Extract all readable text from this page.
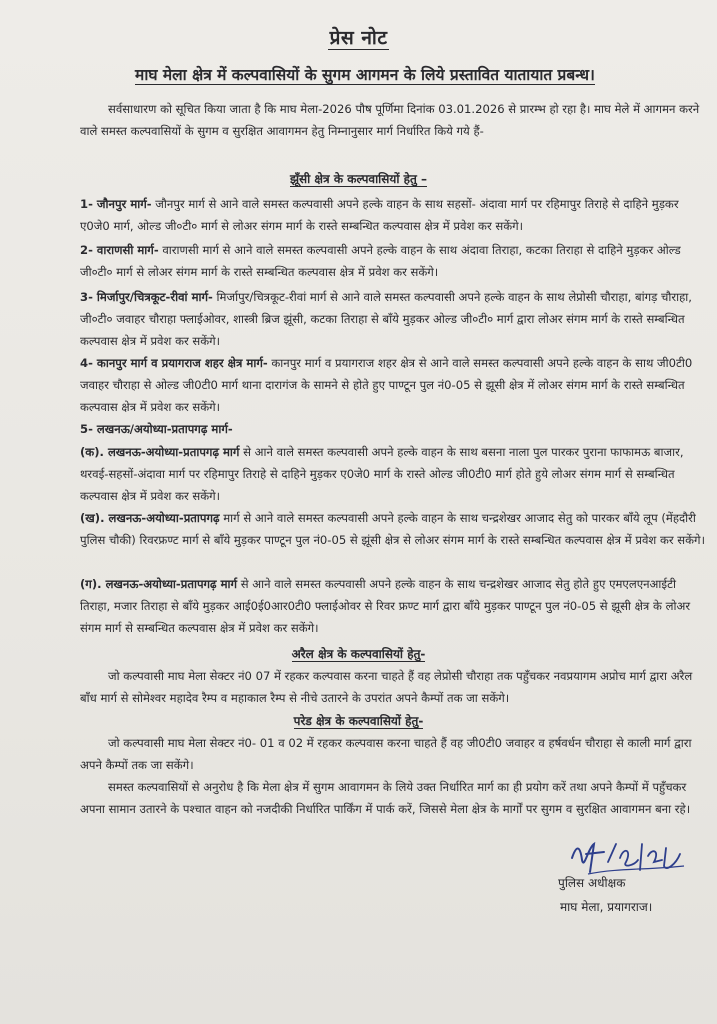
प्रेस नोट
माघ मेला क्षेत्र में कल्पवासियों के सुगम आगमन के लिये प्रस्तावित यातायात प्रबन्ध।
सर्वसाधारण को सूचित किया जाता है कि माघ मेला-2026 पौष पूर्णिमा दिनांक 03.01.2026 से प्रारम्भ हो रहा है। माघ मेले में आगमन करने वाले समस्त कल्पवासियों के सुगम व सुरक्षित आवागमन हेतु निम्नानुसार मार्ग निर्धारित किये गये हैं-
झूँसी क्षेत्र के कल्पवासियों हेतु –
1- जौनपुर मार्ग- जौनपुर मार्ग से आने वाले समस्त कल्पवासी अपने हल्के वाहन के साथ सहसों- अंदावा मार्ग पर रहिमापुर तिराहे से दाहिने मुड़कर ए0जे0 मार्ग, ओल्ड जी०टी० मार्ग से लोअर संगम मार्ग के रास्ते सम्बन्धित कल्पवास क्षेत्र में प्रवेश कर सकेंगे।
2- वाराणसी मार्ग- वाराणसी मार्ग से आने वाले समस्त कल्पवासी अपने हल्के वाहन के साथ अंदावा तिराहा, कटका तिराहा से दाहिने मुड़कर ओल्ड जी०टी० मार्ग से लोअर संगम मार्ग के रास्ते सम्बन्धित कल्पवास क्षेत्र में प्रवेश कर सकेंगे।
3- मिर्जापुर/चित्रकूट-रीवां मार्ग- मिर्जापुर/चित्रकूट-रीवां मार्ग से आने वाले समस्त कल्पवासी अपने हल्के वाहन के साथ लेप्रोसी चौराहा, बांगड़ चौराहा, जी०टी० जवाहर चौराहा फ्लाईओवर, शास्त्री ब्रिज झूंसी, कटका तिराहा से बाँये मुड़कर ओल्ड जी०टी० मार्ग द्वारा लोअर संगम मार्ग के रास्ते सम्बन्धित कल्पवास क्षेत्र में प्रवेश कर सकेंगे।
4- कानपुर मार्ग व प्रयागराज शहर क्षेत्र मार्ग- कानपुर मार्ग व प्रयागराज शहर क्षेत्र से आने वाले समस्त कल्पवासी अपने हल्के वाहन के साथ जी0टी0 जवाहर चौराहा से ओल्ड जी0टी0 मार्ग थाना दारागंज के सामने से होते हुए पाण्टून पुल नं0-05 से झूसी क्षेत्र में लोअर संगम मार्ग के रास्ते सम्बन्धित कल्पवास क्षेत्र में प्रवेश कर सकेंगे।
5- लखनऊ/अयोध्या-प्रतापगढ़ मार्ग-
(क). लखनऊ-अयोध्या-प्रतापगढ़ मार्ग से आने वाले समस्त कल्पवासी अपने हल्के वाहन के साथ बसना नाला पुल पारकर पुराना फाफामऊ बाजार, थरवई-सहसों-अंदावा मार्ग पर रहिमापुर तिराहे से दाहिने मुड़कर ए0जे0 मार्ग के रास्ते ओल्ड जी0टी0 मार्ग होते हुये लोअर संगम मार्ग से सम्बन्धित कल्पवास क्षेत्र में प्रवेश कर सकेंगे।
(ख). लखनऊ-अयोध्या-प्रतापगढ़ मार्ग से आने वाले समस्त कल्पवासी अपने हल्के वाहन के साथ चन्द्रशेखर आजाद सेतु को पारकर बाँये लूप (मेंहदौरी पुलिस चौकी) रिवरफ्रण्ट मार्ग से बाँये मुड़कर पाण्टून पुल नं0-05 से झूंसी क्षेत्र से लोअर संगम मार्ग के रास्ते सम्बन्धित कल्पवास क्षेत्र में प्रवेश कर सकेंगे।
(ग). लखनऊ-अयोध्या-प्रतापगढ़ मार्ग से आने वाले समस्त कल्पवासी अपने हल्के वाहन के साथ चन्द्रशेखर आजाद सेतु होते हुए एमएलएनआईटी तिराहा, मजार तिराहा से बाँये मुड़कर आई0ई0आर0टी0 फ्लाईओवर से रिवर फ्रण्ट मार्ग द्वारा बाँये मुड़कर पाण्टून पुल नं0-05 से झूसी क्षेत्र के लोअर संगम मार्ग से सम्बन्धित कल्पवास क्षेत्र में प्रवेश कर सकेंगे।
अरैल क्षेत्र के कल्पवासियों हेतु-
जो कल्पवासी माघ मेला सेक्टर नं0 07 में रहकर कल्पवास करना चाहते हैं वह लेप्रोसी चौराहा तक पहुँचकर नवप्रयागम अप्रोच मार्ग द्वारा अरैल बाँध मार्ग से सोमेश्वर महादेव रैम्प व महाकाल रैम्प से नीचे उतारने के उपरांत अपने कैम्पों तक जा सकेंगे।
परेड क्षेत्र के कल्पवासियों हेतु-
जो कल्पवासी माघ मेला सेक्टर नं0- 01 व 02 में रहकर कल्पवास करना चाहते हैं वह जी0टी0 जवाहर व हर्षवर्धन चौराहा से काली मार्ग द्वारा अपने कैम्पों तक जा सकेंगे।
समस्त कल्पवासियों से अनुरोध है कि मेला क्षेत्र में सुगम आवागमन के लिये उक्त निर्धारित मार्ग का ही प्रयोग करें तथा अपने कैम्पों में पहुँचकर अपना सामान उतारने के पश्चात वाहन को नजदीकी निर्धारित पार्किंग में पार्क करें, जिससे मेला क्षेत्र के मार्गों पर सुगम व सुरक्षित आवागमन बना रहे।
पुलिस अधीक्षक
माघ मेला, प्रयागराज।
